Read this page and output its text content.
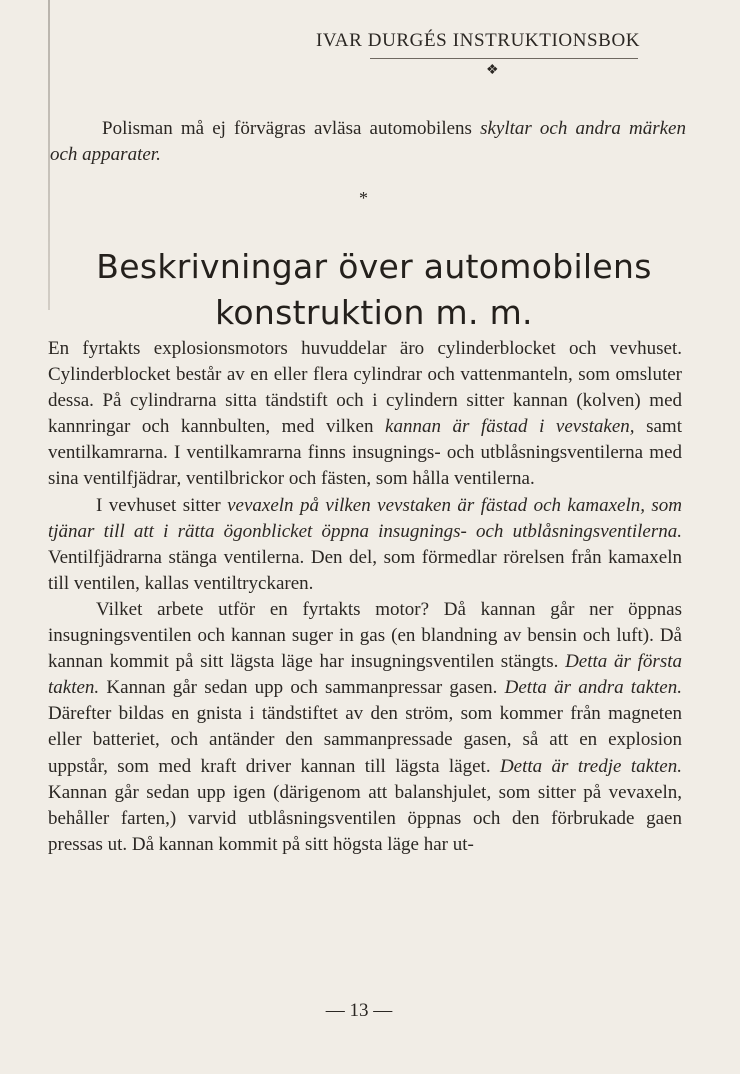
IVAR DURGÉS INSTRUKTIONSBOK
❖

Polisman må ej förvägras avläsa automobilens skyltar och andra märken och apparater.

*
Beskrivningar över automobilens konstruktion m. m.

En fyrtakts explosionsmotors huvuddelar äro cylinderblocket och vevhuset. Cylinderblocket består av en eller flera cylindrar och vattenmanteln, som omsluter dessa. På cylindrarna sitta tändstift och i cylindern sitter kannan (kolven) med kannringar och kannbulten, med vilken kannan är fästad i vevstaken, samt ventilkamrarna. I ventilkamrarna finns insugnings- och utblåsningsventilerna med sina ventilfjädrar, ventilbrickor och fästen, som hålla ventilerna.

I vevhuset sitter vevaxeln på vilken vevstaken är fästad och kamaxeln, som tjänar till att i rätta ögonblicket öppna insugnings- och utblåsningsventilerna. Ventilfjädrarna stänga ventilerna. Den del, som förmedlar rörelsen från kamaxeln till ventilen, kallas ventiltryckaren.

Vilket arbete utför en fyrtakts motor? Då kannan går ner öppnas insugningsventilen och kannan suger in gas (en blandning av bensin och luft). Då kannan kommit på sitt lägsta läge har insugningsventilen stängts. Detta är första takten. Kannan går sedan upp och sammanpressar gasen. Detta är andra takten. Därefter bildas en gnista i tändstiftet av den ström, som kommer från magneten eller batteriet, och antänder den sammanpressade gasen, så att en explosion uppstår, som med kraft driver kannan till lägsta läget. Detta är tredje takten. Kannan går sedan upp igen (därigenom att balanshjulet, som sitter på vevaxeln, behåller farten,) varvid utblåsningsventilen öppnas och den förbrukade gaen pressas ut. Då kannan kommit på sitt högsta läge har ut-

— 13 —
